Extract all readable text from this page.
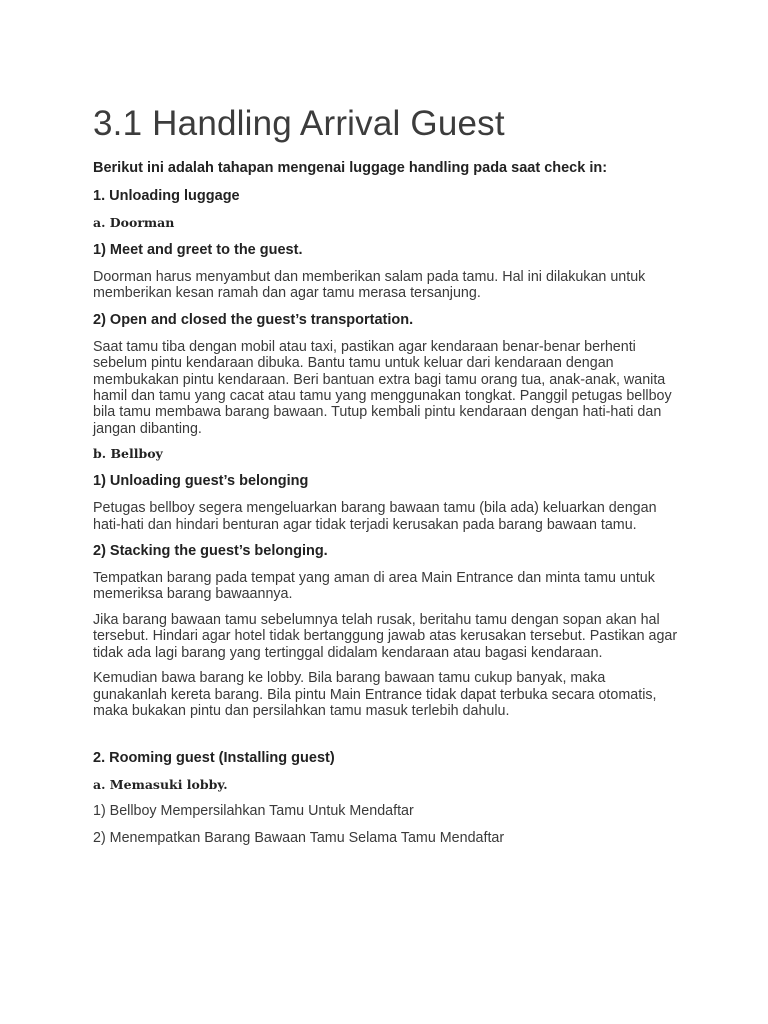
3.1 Handling Arrival Guest

Berikut ini adalah tahapan mengenai luggage handling pada saat check in:

1. Unloading luggage

a. Doorman

1) Meet and greet to the guest.

Doorman harus menyambut dan memberikan salam pada tamu. Hal ini dilakukan untuk memberikan kesan ramah dan agar tamu merasa tersanjung.

2) Open and closed the guest’s transportation.

Saat tamu tiba dengan mobil atau taxi, pastikan agar kendaraan benar-benar berhenti sebelum pintu kendaraan dibuka. Bantu tamu untuk keluar dari kendaraan dengan membukakan pintu kendaraan. Beri bantuan extra bagi tamu orang tua, anak-anak, wanita hamil dan tamu yang cacat atau tamu yang menggunakan tongkat. Panggil petugas bellboy bila tamu membawa barang bawaan. Tutup kembali pintu kendaraan dengan hati-hati dan jangan dibanting.

b. Bellboy

1) Unloading guest’s belonging

Petugas bellboy segera mengeluarkan barang bawaan tamu (bila ada) keluarkan dengan hati-hati dan hindari benturan agar tidak terjadi kerusakan pada barang bawaan tamu.

2) Stacking the guest’s belonging.

Tempatkan barang pada tempat yang aman di area Main Entrance dan minta tamu untuk memeriksa barang bawaannya.

Jika barang bawaan tamu sebelumnya telah rusak, beritahu tamu dengan sopan akan hal tersebut. Hindari agar hotel tidak bertanggung jawab atas kerusakan tersebut. Pastikan agar tidak ada lagi barang yang tertinggal didalam kendaraan atau bagasi kendaraan.

Kemudian bawa barang ke lobby. Bila barang bawaan tamu cukup banyak, maka gunakanlah kereta barang. Bila pintu Main Entrance tidak dapat terbuka secara otomatis, maka bukakan pintu dan persilahkan tamu masuk terlebih dahulu.

2. Rooming guest (Installing guest)

a. Memasuki lobby.

1) Bellboy Mempersilahkan Tamu Untuk Mendaftar

2) Menempatkan Barang Bawaan Tamu Selama Tamu Mendaftar
